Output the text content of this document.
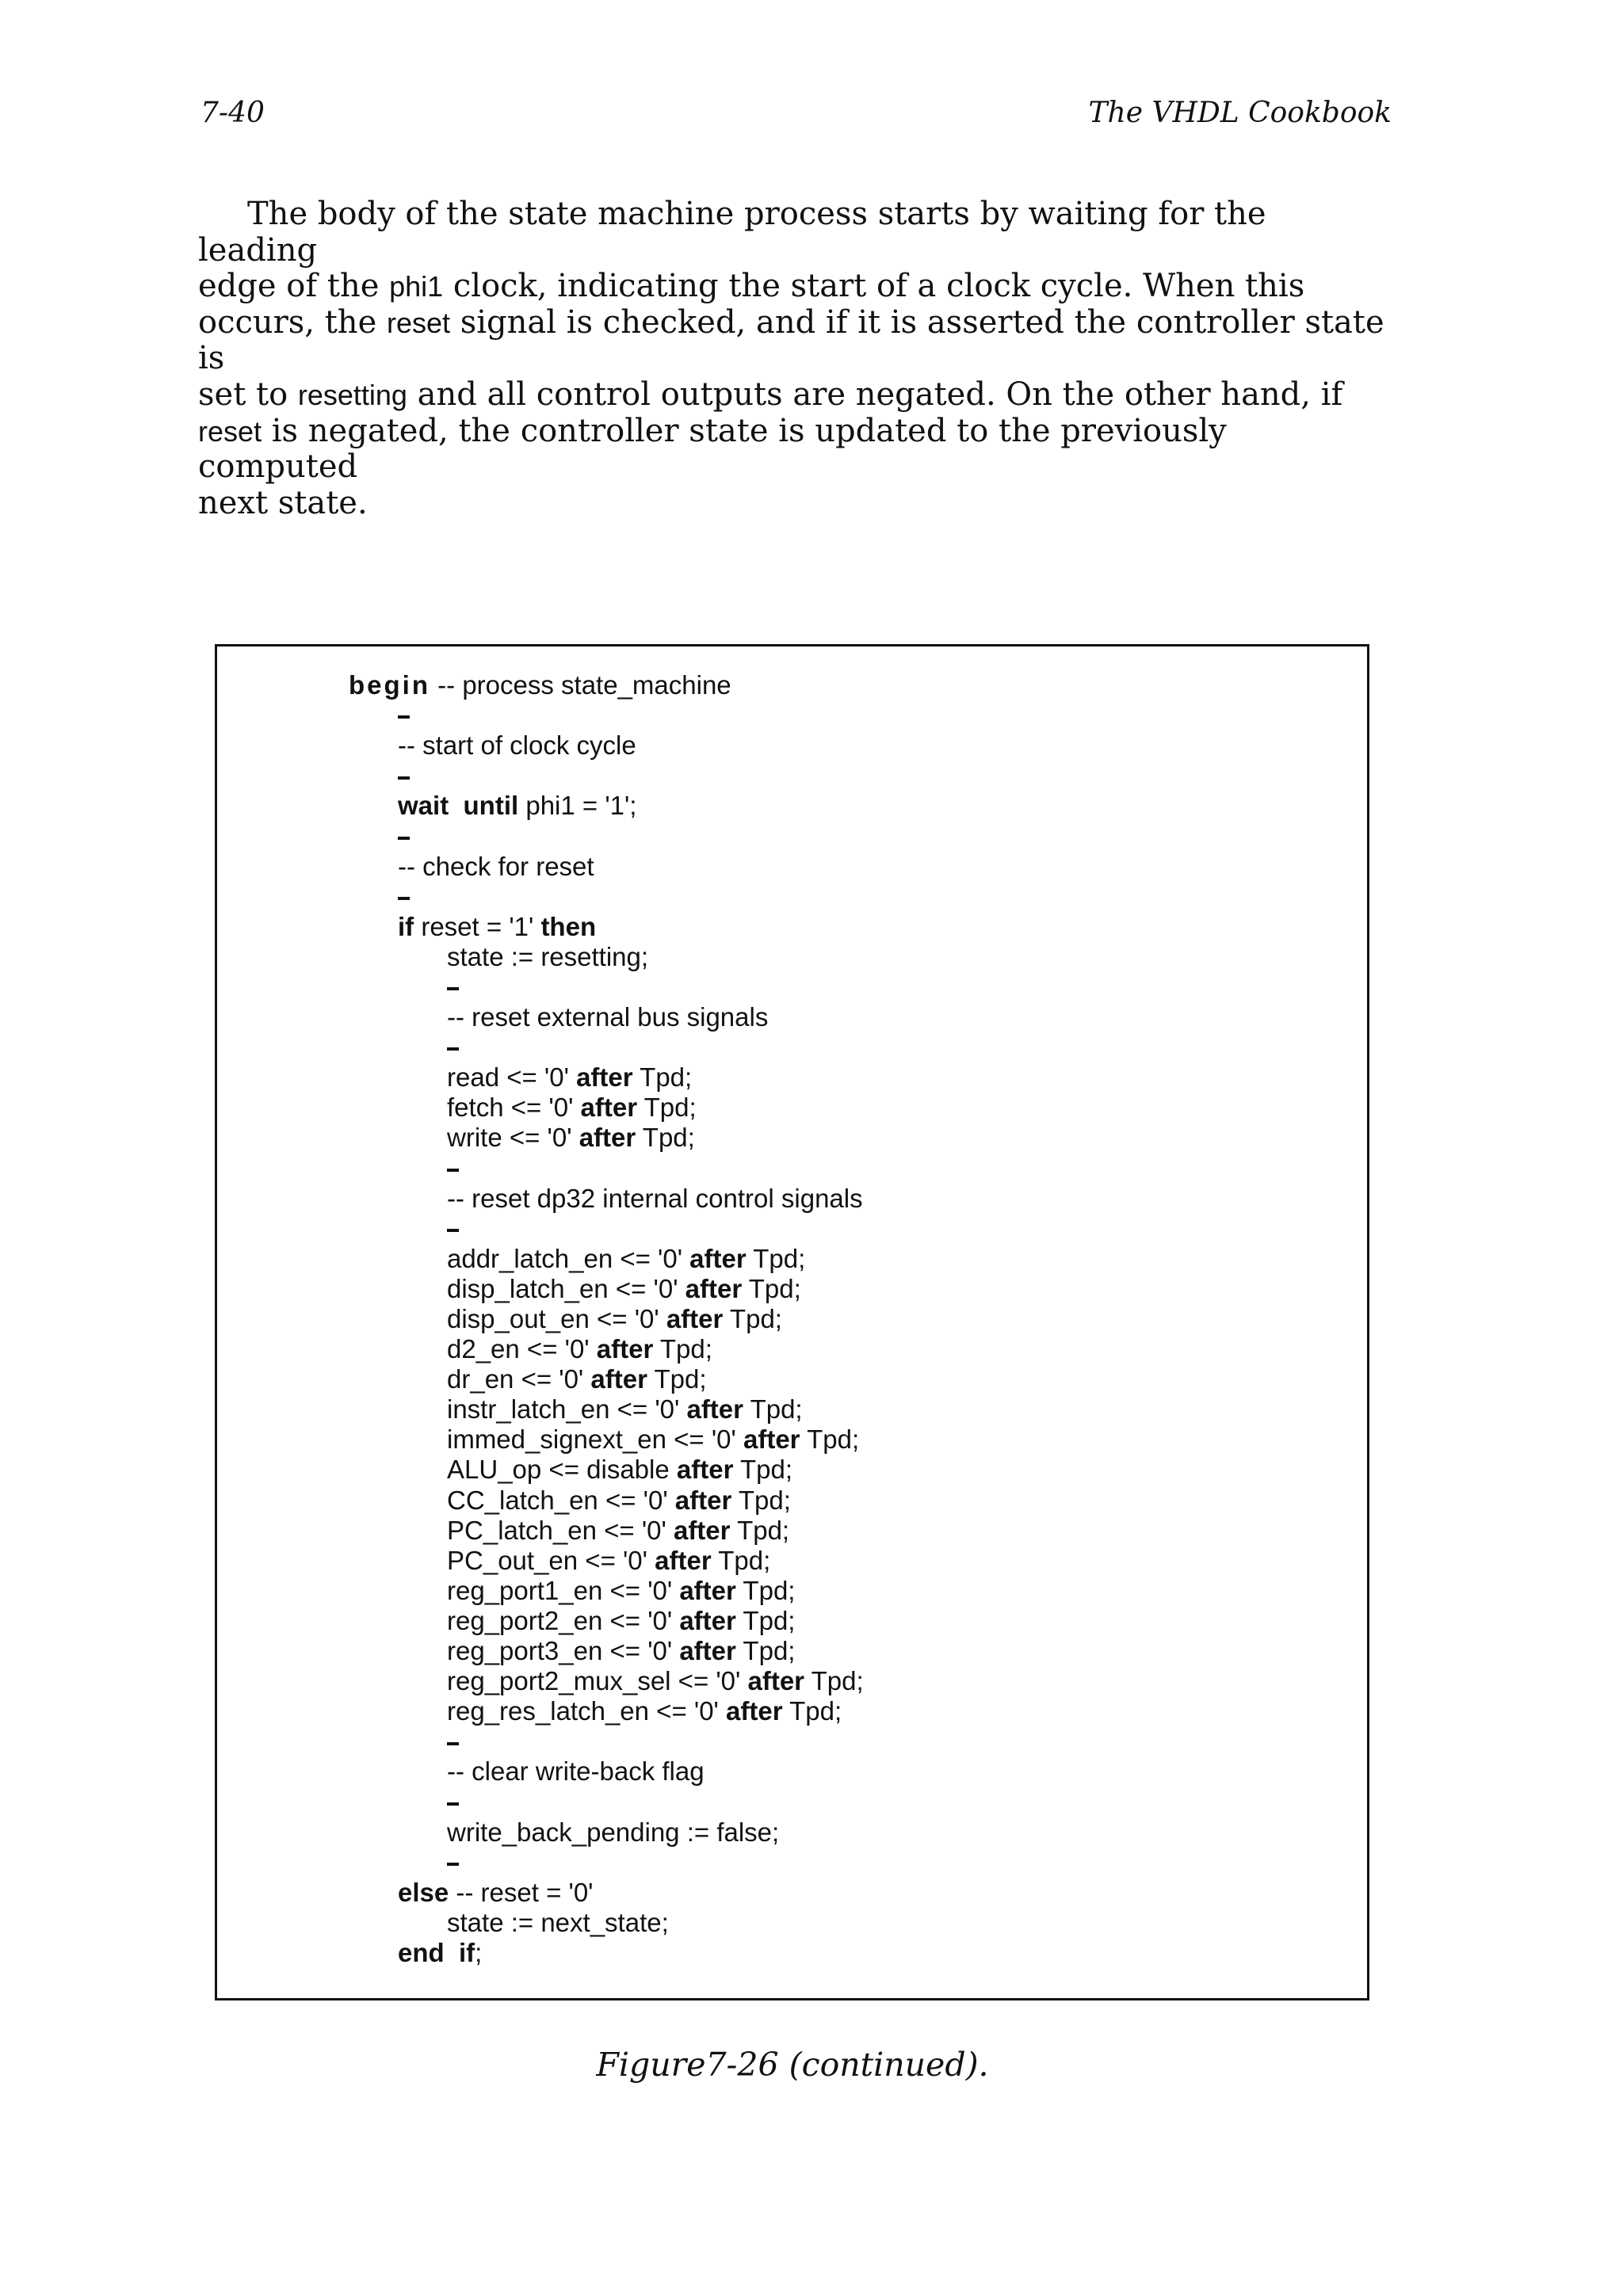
7-40	The VHDL Cookbook
The body of the state machine process starts by waiting for the leading
edge of the phi1 clock, indicating the start of a clock cycle. When this
occurs, the reset signal is checked, and if it is asserted the controller state is
set to resetting and all control outputs are negated. On the other hand, if
reset is negated, the controller state is updated to the previously computed
next state.
begin -- process state_machine
-- start of clock cycle
wait  until phi1 = '1';
-- check for reset
if reset = '1' then
state := resetting;
-- reset external bus signals
read <= '0' after Tpd;
fetch <= '0' after Tpd;
write <= '0' after Tpd;
-- reset dp32 internal control signals
addr_latch_en <= '0' after Tpd;
disp_latch_en <= '0' after Tpd;
disp_out_en <= '0' after Tpd;
d2_en <= '0' after Tpd;
dr_en <= '0' after Tpd;
instr_latch_en <= '0' after Tpd;
immed_signext_en <= '0' after Tpd;
ALU_op <= disable after Tpd;
CC_latch_en <= '0' after Tpd;
PC_latch_en <= '0' after Tpd;
PC_out_en <= '0' after Tpd;
reg_port1_en <= '0' after Tpd;
reg_port2_en <= '0' after Tpd;
reg_port3_en <= '0' after Tpd;
reg_port2_mux_sel <= '0' after Tpd;
reg_res_latch_en <= '0' after Tpd;
-- clear write-back flag
write_back_pending := false;
else -- reset = '0'
state := next_state;
end  if;
Figure7-26 (continued).
